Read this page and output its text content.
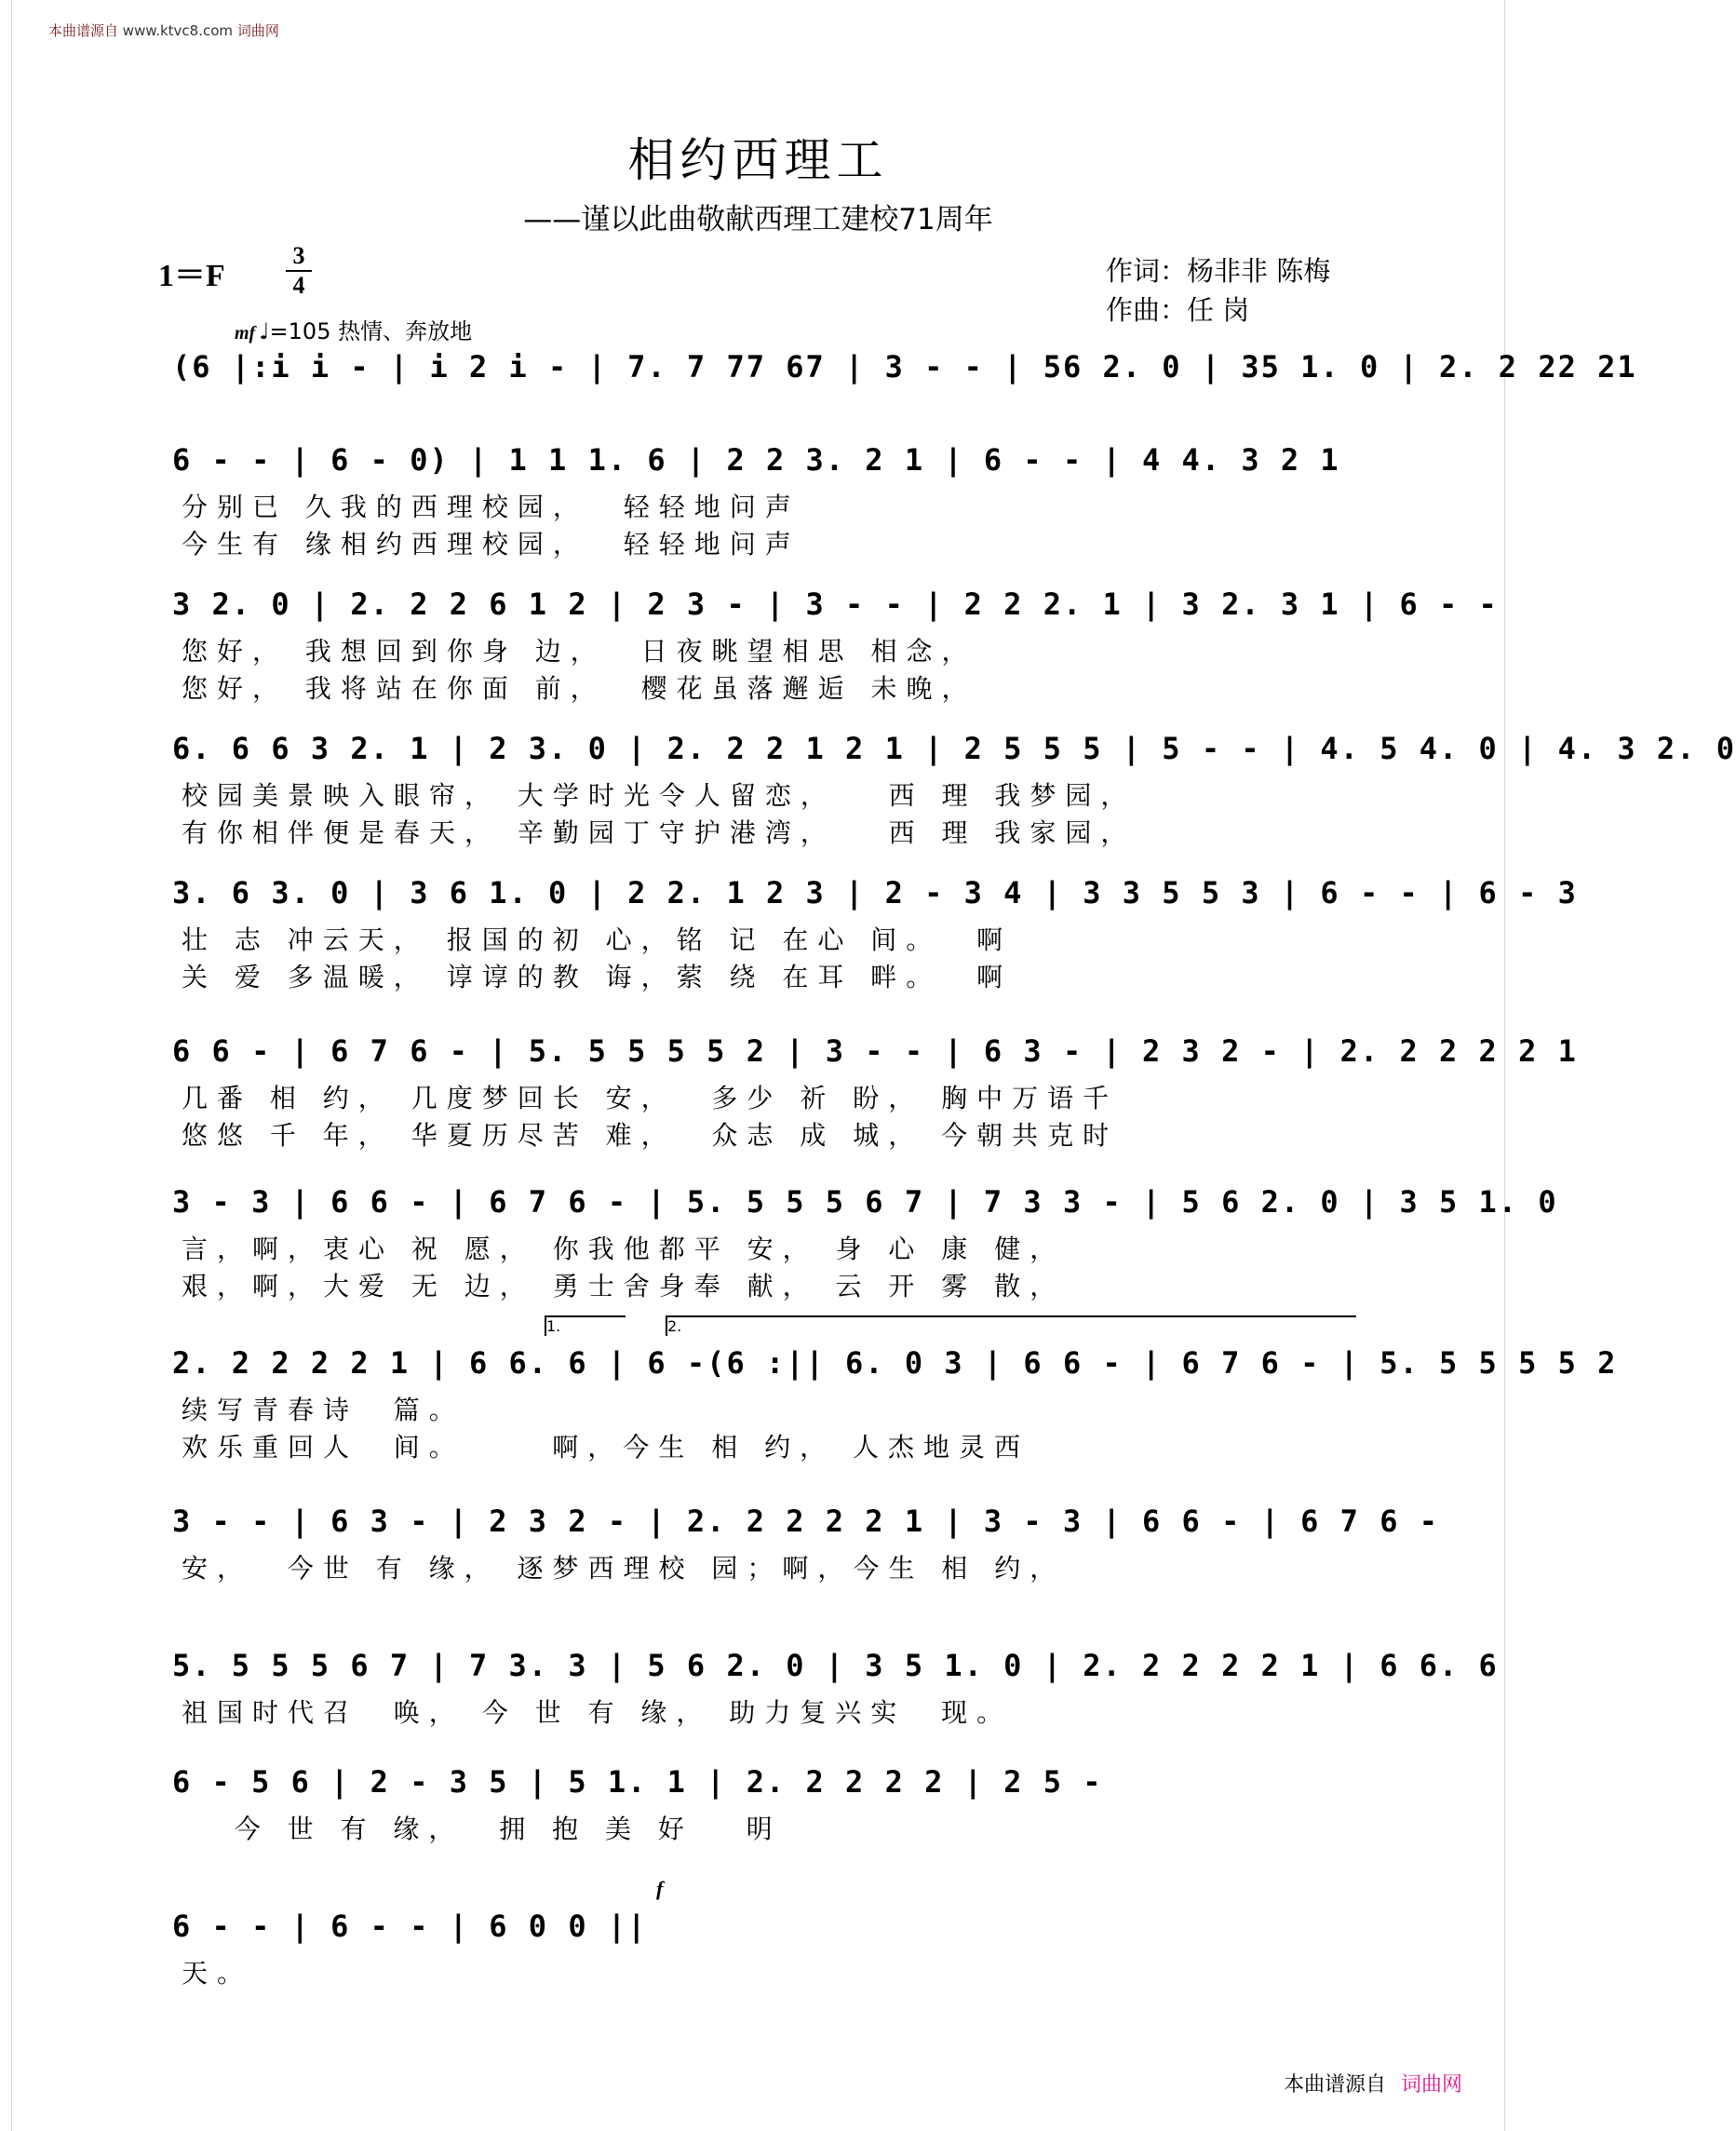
本曲谱源自 www.ktvc8.com 词曲网
相约西理工
——谨以此曲敬献西理工建校71周年
1＝F
3
4	作词：杨非非 陈梅
作曲：任 岗
mf ♩=105 热情、奔放地
(6 |:i i - | i 2 i - | 7. 7 77 67 | 3 - - | 56 2. 0 | 35 1. 0 | 2. 2 22 21
6 - - | 6 - 0) | 1 1 1. 6 | 2 2 3. 2 1 | 6 - - | 4 4. 3 2 1
分别已 久我的西理校园，  轻轻地问声
今生有 缘相约西理校园，  轻轻地问声
3 2. 0 | 2. 2 2 6 1 2 | 2 3 - | 3 - - | 2 2 2. 1 | 3 2. 3 1 | 6 - -
您好， 我想回到你身 边，  日夜眺望相思 相念，
您好， 我将站在你面 前，  樱花虽落邂逅 未晚，
6. 6 6 3 2. 1 | 2 3. 0 | 2. 2 2 1 2 1 | 2 5 5 5 | 5 - - | 4. 5 4. 0 | 4. 3 2. 0
校园美景映入眼帘， 大学时光令人留恋，   西 理 我梦园，
有你相伴便是春天， 辛勤园丁守护港湾，   西 理 我家园，
3. 6 3. 0 | 3 6 1. 0 | 2 2. 1 2 3 | 2 - 3 4 | 3 3 5 5 3 | 6 - - | 6 - 3
壮 志 冲云天， 报国的初 心，铭 记 在心 间。  啊
关 爱 多温暖， 谆谆的教 诲，萦 绕 在耳 畔。  啊
6 6 - | 6 7 6 - | 5. 5 5 5 5 2 | 3 - - | 6 3 - | 2 3 2 - | 2. 2 2 2 2 1
几番 相 约， 几度梦回长 安，  多少 祈 盼， 胸中万语千
悠悠 千 年， 华夏历尽苦 难，  众志 成 城， 今朝共克时
3 - 3 | 6 6 - | 6 7 6 - | 5. 5 5 5 6 7 | 7 3 3 - | 5 6 2. 0 | 3 5 1. 0
言，啊，衷心 祝 愿， 你我他都平 安， 身 心 康 健，
艰，啊，大爱 无 边， 勇士舍身奉 献， 云 开 雾 散，
2. 2 2 2 2 1 | 6 6. 6 | 6 -(6 :|| 6. 0 3 | 6 6 - | 6 7 6 - | 5. 5 5 5 5 2
1.	2.
续写青春诗  篇。
欢乐重回人  间。     啊，今生 相 约， 人杰地灵西
3 - - | 6 3 - | 2 3 2 - | 2. 2 2 2 2 1 | 3 - 3 | 6 6 - | 6 7 6 -
安，  今世 有 缘， 逐梦西理校 园；啊，今生 相 约，
5. 5 5 5 6 7 | 7 3. 3 | 5 6 2. 0 | 3 5 1. 0 | 2. 2 2 2 2 1 | 6 6. 6
祖国时代召  唤， 今 世 有 缘， 助力复兴实  现。
6 - 5 6 | 2 - 3 5 | 5 1. 1 | 2. 2 2 2 2 | 2 5 -
今 世 有 缘，  拥 抱 美 好   明
6 - - | 6 - - | 6 0 0 ||
f
天。
本曲谱源自 词曲网
